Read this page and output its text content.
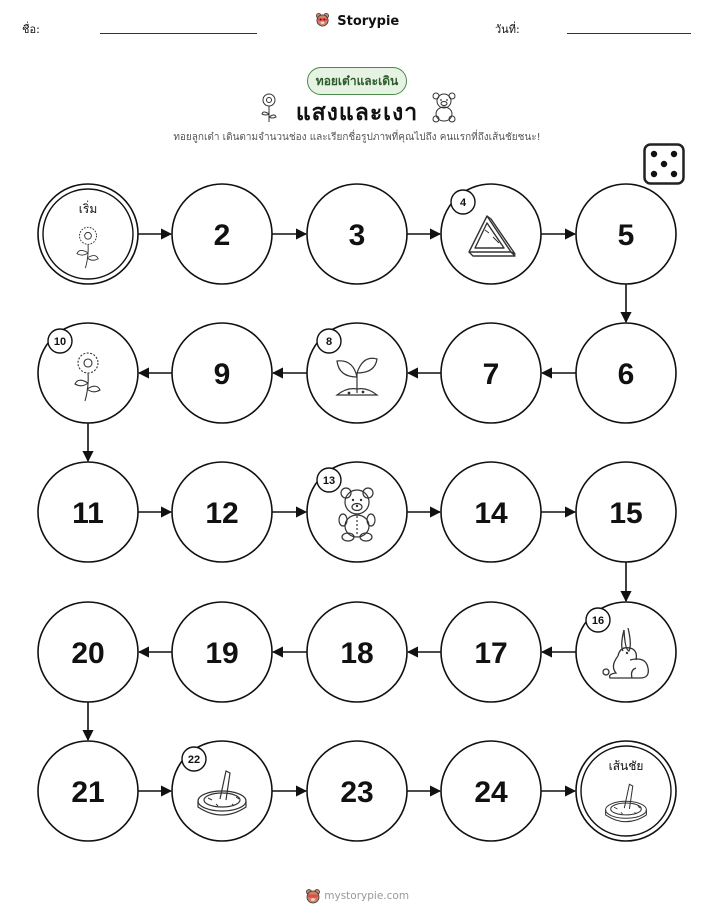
ชื่อ:	วันที่:
Storypie
ทอยเต๋าและเดิน
แสงและเงา
ทอยลูกเต๋า เดินตามจำนวนช่อง และเรียกชื่อรูปภาพที่คุณไปถึง คนแรกที่ถึงเส้นชัยชนะ!
เริ่ม
2	3
4
5
6
7
8
9
10
11	12
13
14	15
16
17
18
19
20
21
22
23	24
เส้นชัย
mystorypie.com
